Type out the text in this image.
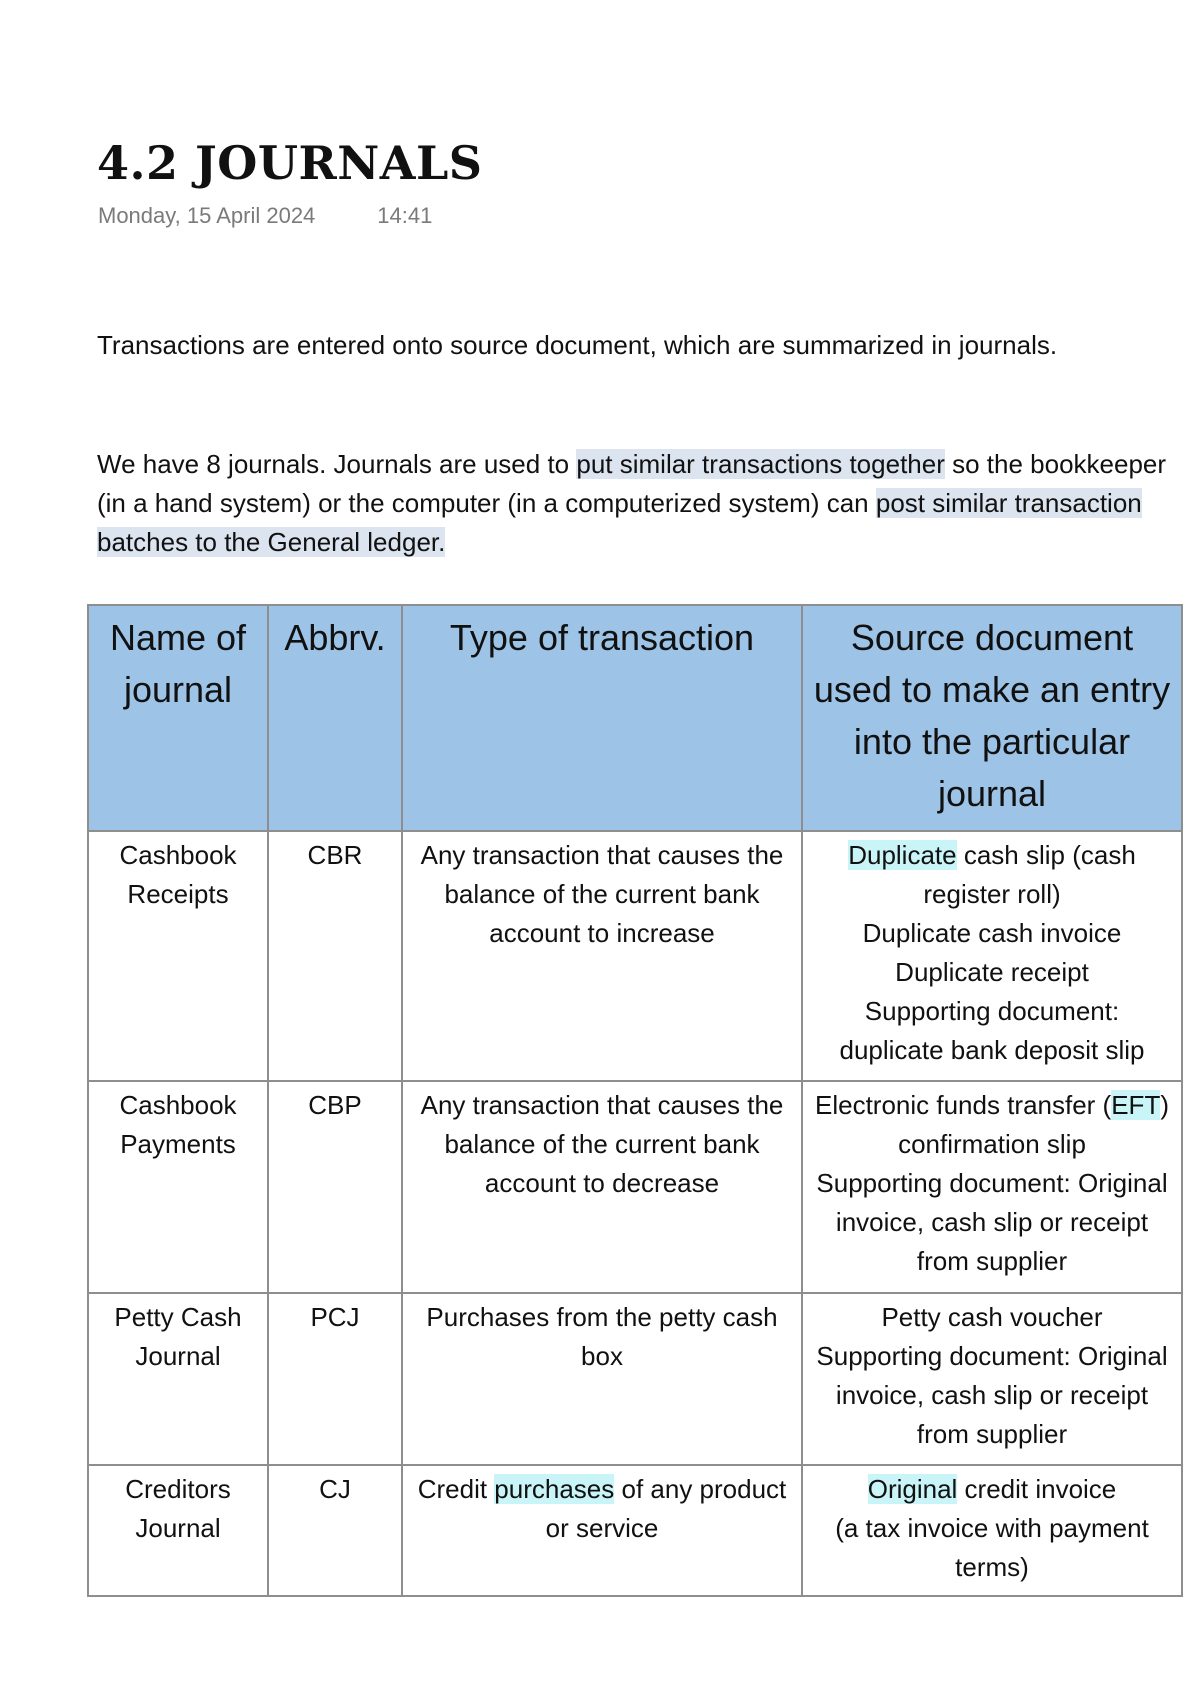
4.2 JOURNALS
Monday, 15 April 2024	14:41

Transactions are entered onto source document, which are summarized in journals.

We have 8 journals. Journals are used to put similar transactions together so the bookkeeper (in a hand system) or the computer (in a computerized system) can post similar transaction batches to the General ledger.

Name of journal	Abbrv.	Type of transaction	Source document used to make an entry into the particular journal
Cashbook Receipts	CBR	Any transaction that causes the balance of the current bank account to increase	Duplicate cash slip (cash register roll)
Duplicate cash invoice
Duplicate receipt
Supporting document: duplicate bank deposit slip

Cashbook Payments	CBP	Any transaction that causes the balance of the current bank account to decrease	Electronic funds transfer (EFT) confirmation slip
Supporting document: Original invoice, cash slip or receipt from supplier

Petty Cash Journal	PCJ	Purchases from the petty cash box	Petty cash voucher
Supporting document: Original invoice, cash slip or receipt from supplier

Creditors Journal	CJ	Credit purchases of any product or service	Original credit invoice
(a tax invoice with payment terms)
